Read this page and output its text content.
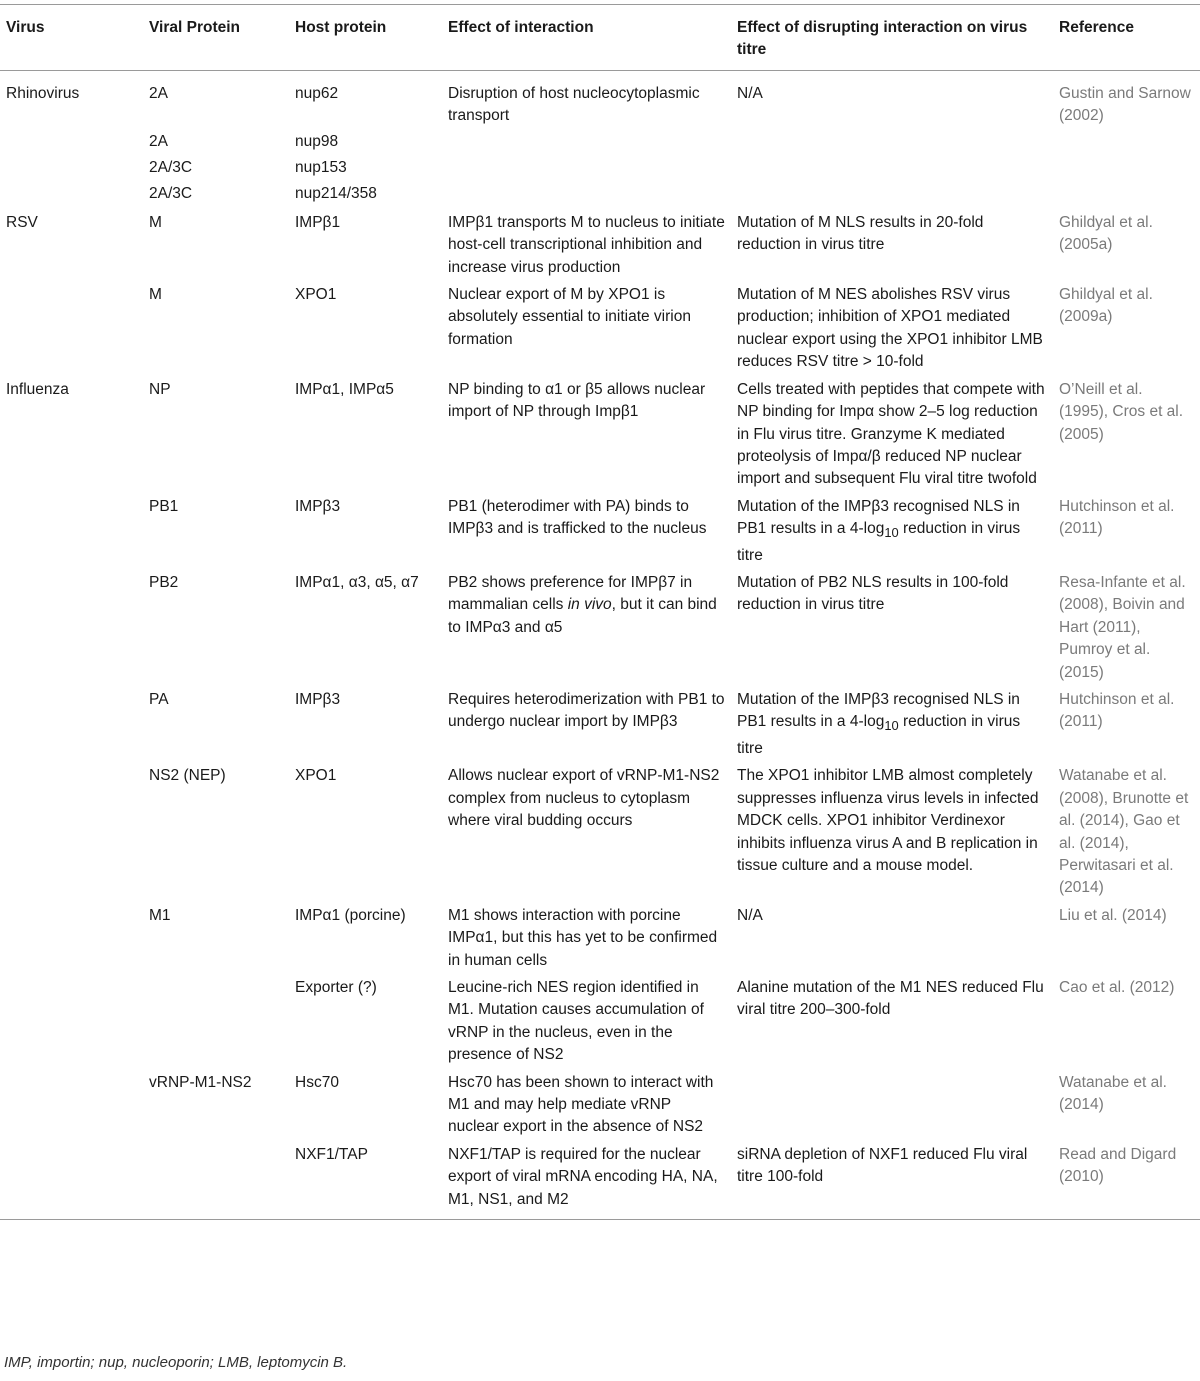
Virus	Viral Protein	Host protein	Effect of interaction	Effect of disrupting interaction on virus titre	Reference
Rhinovirus	2A	nup62	Disruption of host nucleocytoplasmic transport	N/A	Gustin and Sarnow (2002)
	2A	nup98			
	2A/3C	nup153			
	2A/3C	nup214/358			
RSV	M	IMPβ1	IMPβ1 transports M to nucleus to initiate host-cell transcriptional inhibition and increase virus production	Mutation of M NLS results in 20-fold reduction in virus titre	Ghildyal et al. (2005a)
	M	XPO1	Nuclear export of M by XPO1 is absolutely essential to initiate virion formation	Mutation of M NES abolishes RSV virus production; inhibition of XPO1 mediated nuclear export using the XPO1 inhibitor LMB reduces RSV titre > 10-fold	Ghildyal et al. (2009a)
Influenza	NP	IMPα1, IMPα5	NP binding to α1 or β5 allows nuclear import of NP through Impβ1	Cells treated with peptides that compete with NP binding for Impα show 2–5 log reduction in Flu virus titre. Granzyme K mediated proteolysis of Impα/β reduced NP nuclear import and subsequent Flu viral titre twofold	O’Neill et al. (1995), Cros et al. (2005)
	PB1	IMPβ3	PB1 (heterodimer with PA) binds to IMPβ3 and is trafficked to the nucleus	Mutation of the IMPβ3 recognised NLS in PB1 results in a $4-\log_{10}$ reduction in virus titre	Hutchinson et al. (2011)
	PB2	IMPα1, α3, α5, α7	PB2 shows preference for IMPβ7 in mammalian cells in vivo, but it can bind to IMPα3 and α5	Mutation of PB2 NLS results in 100-fold reduction in virus titre	Resa-Infante et al. (2008), Boivin and Hart (2011), Pumroy et al. (2015)
	PA	IMPβ3	Requires heterodimerization with PB1 to undergo nuclear import by IMPβ3	Mutation of the IMPβ3 recognised NLS in PB1 results in a $4-\log_{10}$ reduction in virus titre	Hutchinson et al. (2011)
	NS2 (NEP)	XPO1	Allows nuclear export of vRNP-M1-NS2 complex from nucleus to cytoplasm where viral budding occurs	The XPO1 inhibitor LMB almost completely suppresses influenza virus levels in infected MDCK cells. XPO1 inhibitor Verdinexor inhibits influenza virus A and B replication in tissue culture and a mouse model.	Watanabe et al. (2008), Brunotte et al. (2014), Gao et al. (2014), Perwitasari et al. (2014)
	M1	IMPα1 (porcine)	M1 shows interaction with porcine IMPα1, but this has yet to be confirmed in human cells	N/A	Liu et al. (2014)
		Exporter (?)	Leucine-rich NES region identified in M1. Mutation causes accumulation of vRNP in the nucleus, even in the presence of NS2	Alanine mutation of the M1 NES reduced Flu viral titre 200–300-fold	Cao et al. (2012)
	vRNP-M1-NS2	Hsc70	Hsc70 has been shown to interact with M1 and may help mediate vRNP nuclear export in the absence of NS2		Watanabe et al. (2014)
		NXF1/TAP	NXF1/TAP is required for the nuclear export of viral mRNA encoding HA, NA, M1, NS1, and M2	siRNA depletion of NXF1 reduced Flu viral titre 100-fold	Read and Digard (2010)
IMP, importin; nup, nucleoporin; LMB, leptomycin B.
